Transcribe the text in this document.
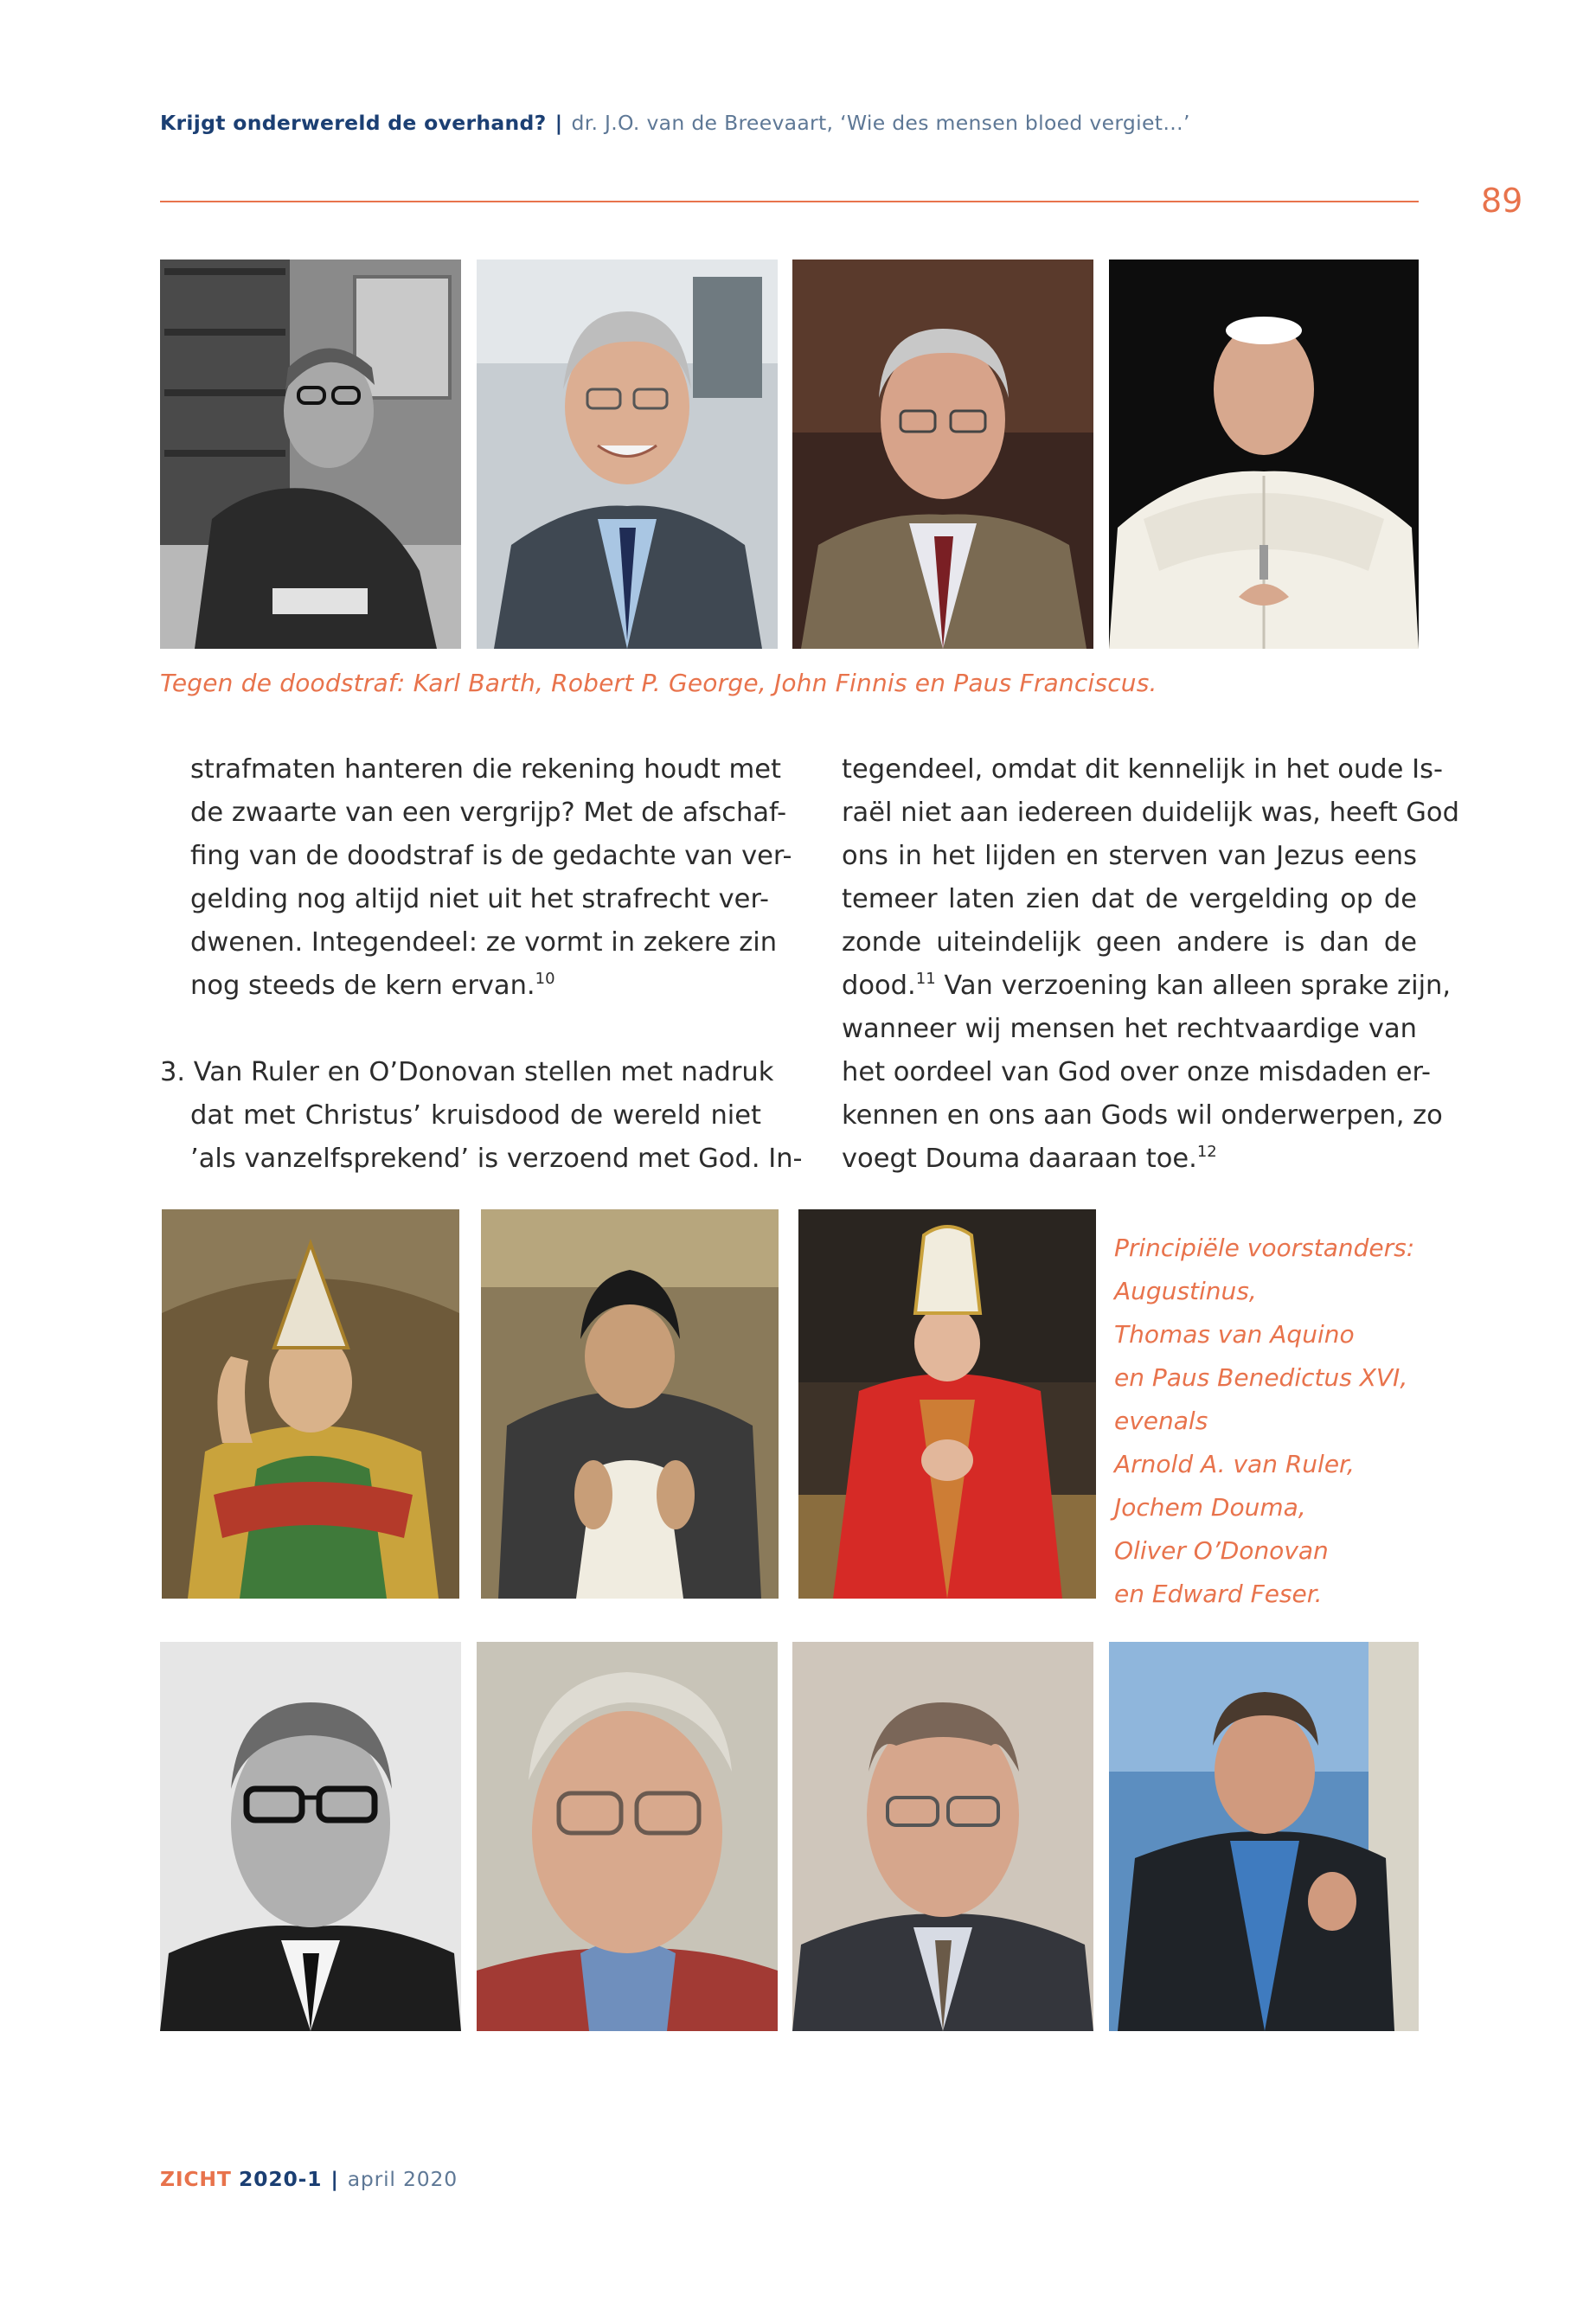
Krijgt onderwereld de overhand? | dr. J.O. van de Breevaart, ‘Wie des mensen bloed vergiet…’
89
Tegen de doodstraf: Karl Barth, Robert P. George, John Finnis en Paus Franciscus.
strafmaten hanteren die rekening houdt met
de zwaarte van een vergrijp? Met de afschaf-
fing van de doodstraf is de gedachte van ver-
gelding nog altijd niet uit het strafrecht ver-
dwenen. Integendeel: ze vormt in zekere zin
nog steeds de kern ervan.$^{10}$
3. Van Ruler en O’Donovan stellen met nadruk
dat met Christus’ kruisdood de wereld niet
’als vanzelfsprekend’ is verzoend met God. In-
tegendeel, omdat dit kennelijk in het oude Is-
raël niet aan iedereen duidelijk was, heeft God
ons in het lijden en sterven van Jezus eens
temeer laten zien dat de vergelding op de
zonde uiteindelijk geen andere is dan de
dood.$^{11}$ Van verzoening kan alleen sprake zijn,
wanneer wij mensen het rechtvaardige van
het oordeel van God over onze misdaden er-
kennen en ons aan Gods wil onderwerpen, zo
voegt Douma daaraan toe.$^{12}$
Principiële voorstanders:
Augustinus,
Thomas van Aquino
en Paus Benedictus XVI,
evenals
Arnold A. van Ruler,
Jochem Douma,
Oliver O’Donovan
en Edward Feser.
ZICHT 2020-1 | april 2020
